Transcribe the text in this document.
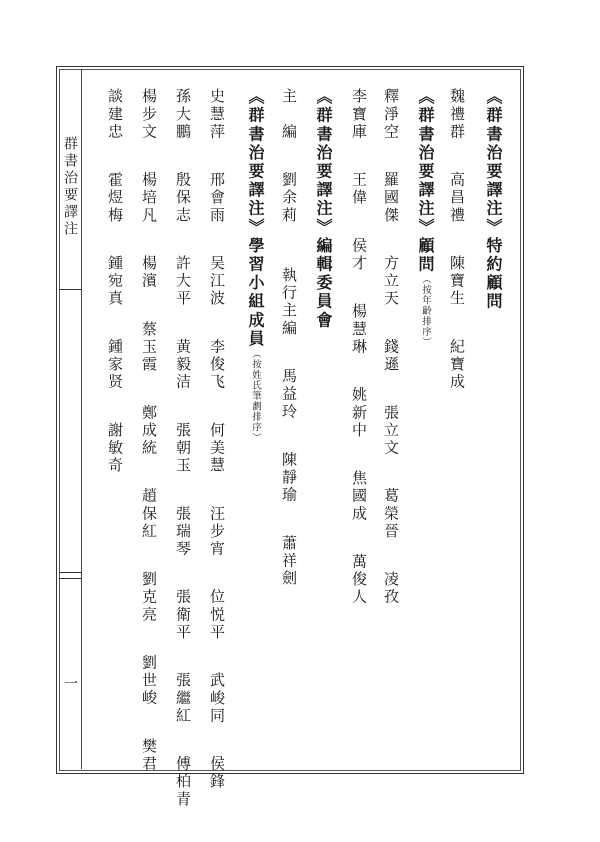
群書治要譯注
一
《群書治要譯注》特約顧問
魏禮群 高昌禮 陳寶生 紀寶成
《群書治要譯注》顧問（按年齡排序）
釋淨空 羅國傑 方立天 錢遜 張立文 葛榮晉 凌孜
李寶庫 王偉 侯才 楊慧琳 姚新中 焦國成 萬俊人
《群書治要譯注》編輯委員會
主　編 劉余莉 執行主編 馬益玲 陳靜瑜 蕭祥劍
《群書治要譯注》學習小組成員（按姓氏筆劃排序）
史慧萍 邢會雨 吴江波 李俊飞 何美慧 汪步宵 位悦平 武峻同 侯鋒
孫大鵬 殷保志 許大平 黄毅洁 張朝玉 張瑞琴 張衛平 張繼紅 傅柏青
楊步文 楊培凡 楊濱 蔡玉霞 鄭成統 趙保紅 劉克亮 劉世峻 樊君
談建忠 霍煜梅 鍾宛真 鍾家贤 謝敏奇
